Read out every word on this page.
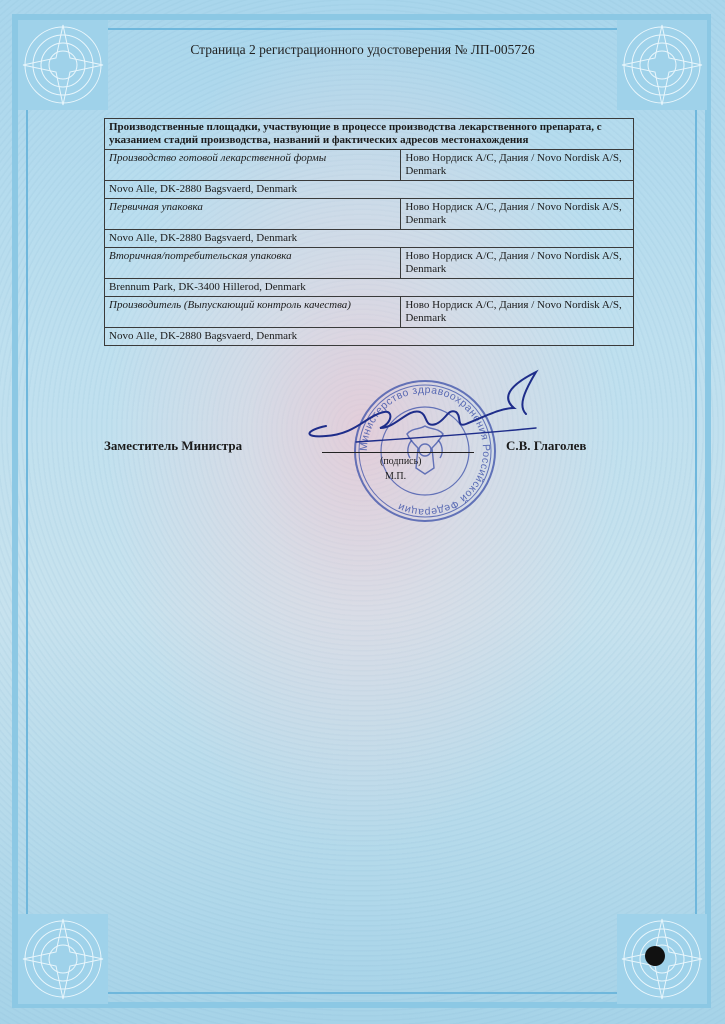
Страница 2 регистрационного удостоверения № ЛП-005726
Производственные площадки, участвующие в процессе производства лекарственного препарата, с указанием стадий производства, названий и фактических адресов местонахождения	
Производство готовой лекарственной формы	Ново Нордиск А/С, Дания / Novo Nordisk A/S, Denmark
Novo Alle, DK-2880 Bagsvaerd, Denmark	
Первичная упаковка	Ново Нордиск А/С, Дания / Novo Nordisk A/S, Denmark
Novo Alle, DK-2880 Bagsvaerd, Denmark	
Вторичная/потребительская упаковка	Ново Нордиск А/С, Дания / Novo Nordisk A/S, Denmark
Brennum Park, DK-3400 Hillerod, Denmark	
Производитель (Выпускающий контроль качества)	Ново Нордиск А/С, Дания / Novo Nordisk A/S, Denmark
Novo Alle, DK-2880 Bagsvaerd, Denmark	
Министерство здравоохранения Российской Федерации
Заместитель Министра
(подпись)
М.П.
С.В. Глаголев
